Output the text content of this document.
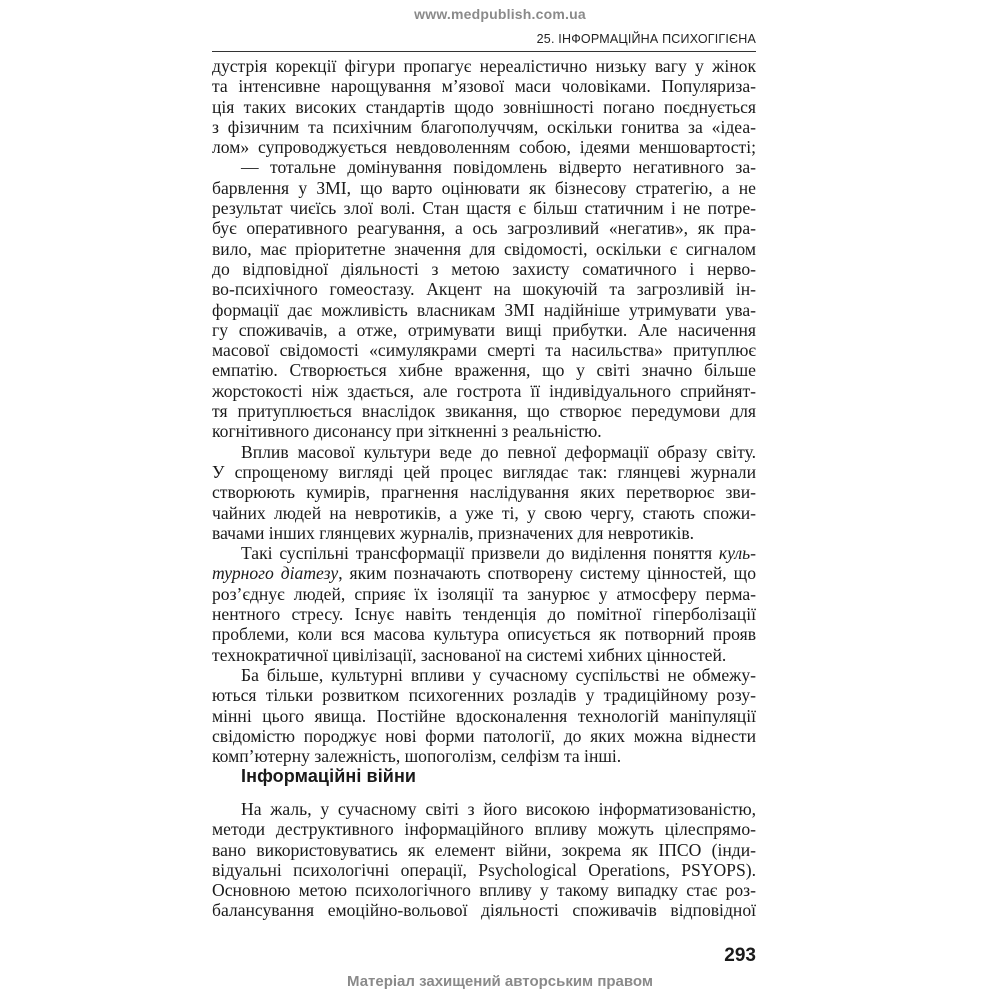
www.medpublish.com.ua
25. ІНФОРМАЦІЙНА ПСИХОГІГІЄНА
дустрія корекції фігури пропагує нереалістично низьку вагу у жінок
та інтенсивне нарощування м’язової маси чоловіками. Популяриза-
ція таких високих стандартів щодо зовнішності погано поєднується
з фізичним та психічним благополуччям, оскільки гонитва за «ідеа-
лом» супроводжується невдоволенням собою, ідеями меншовартості;
— тотальне домінування повідомлень відверто негативного за-
барвлення у ЗМІ, що варто оцінювати як бізнесову стратегію, а не
результат чиєїсь злої волі. Стан щастя є більш статичним і не потре-
бує оперативного реагування, а ось загрозливий «негатив», як пра-
вило, має пріоритетне значення для свідомості, оскільки є сигналом
до відповідної діяльності з метою захисту соматичного і нерво-
во-психічного гомеостазу. Акцент на шокуючій та загрозливій ін-
формації дає можливість власникам ЗМІ надійніше утримувати ува-
гу споживачів, а отже, отримувати вищі прибутки. Але насичення
масової свідомості «симулякрами смерті та насильства» притуплює
емпатію. Створюється хибне враження, що у світі значно більше
жорстокості ніж здається, але гострота її індивідуального сприйнят-
тя притуплюється внаслідок звикання, що створює передумови для
когнітивного дисонансу при зіткненні з реальністю.
Вплив масової культури веде до певної деформації образу світу.
У спрощеному вигляді цей процес виглядає так: глянцеві журнали
створюють кумирів, прагнення наслідування яких перетворює зви-
чайних людей на невротиків, а уже ті, у свою чергу, стають спожи-
вачами інших глянцевих журналів, призначених для невротиків.
Такі суспільні трансформації призвели до виділення поняття куль-
турного діатезу, яким позначають спотворену систему цінностей, що
роз’єднує людей, сприяє їх ізоляції та занурює у атмосферу перма-
нентного стресу. Існує навіть тенденція до помітної гіперболізації
проблеми, коли вся масова культура описується як потворний прояв
технократичної цивілізації, заснованої на системі хибних цінностей.
Ба більше, культурні впливи у сучасному суспільстві не обмежу-
ються тільки розвитком психогенних розладів у традиційному розу-
мінні цього явища. Постійне вдосконалення технологій маніпуляції
свідомістю породжує нові форми патології, до яких можна віднести
комп’ютерну залежність, шопоголізм, селфізм та інші.
Інформаційні війни
На жаль, у сучасному світі з його високою інформатизованістю,
методи деструктивного інформаційного впливу можуть цілеспрямо-
вано використовуватись як елемент війни, зокрема як ІПСО (інди-
відуальні психологічні операції, Psychological Operations, PSYOPS).
Основною метою психологічного впливу у такому випадку стає роз-
балансування емоційно-вольової діяльності споживачів відповідної
293
Матеріал захищений авторським правом
